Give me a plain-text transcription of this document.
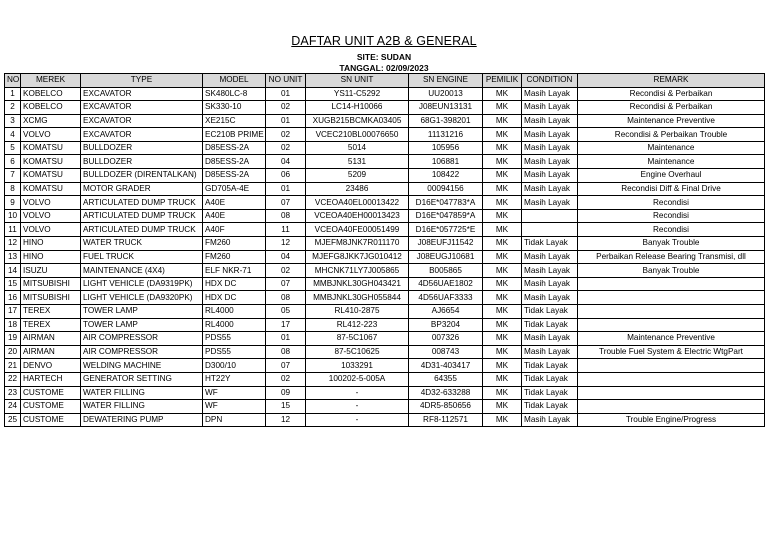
DAFTAR UNIT A2B & GENERAL
SITE: SUDAN
TANGGAL: 02/09/2023
NO	MEREK	TYPE	MODEL	NO UNIT	SN UNIT	SN ENGINE	PEMILIK	CONDITION	REMARK
1	KOBELCO	EXCAVATOR	SK480LC-8	01	YS11-C5292	UU20013	MK	Masih Layak	Recondisi & Perbaikan
2	KOBELCO	EXCAVATOR	SK330-10	02	LC14-H10066	J08EUN13131	MK	Masih Layak	Recondisi & Perbaikan
3	XCMG	EXCAVATOR	XE215C	01	XUGB215BCMKA03405	68G1-398201	MK	Masih Layak	Maintenance Preventive
4	VOLVO	EXCAVATOR	EC210B PRIME	02	VCEC210BL00076650	11131216	MK	Masih Layak	Recondisi & Perbaikan Trouble
5	KOMATSU	BULLDOZER	D85ESS-2A	02	5014	105956	MK	Masih Layak	Maintenance
6	KOMATSU	BULLDOZER	D85ESS-2A	04	5131	106881	MK	Masih Layak	Maintenance
7	KOMATSU	BULLDOZER (DIRENTALKAN)	D85ESS-2A	06	5209	108422	MK	Masih Layak	Engine Overhaul
8	KOMATSU	MOTOR GRADER	GD705A-4E	01	23486	00094156	MK	Masih Layak	Recondisi Diff & Final Drive
9	VOLVO	ARTICULATED DUMP TRUCK	A40E	07	VCEOA40EL00013422	D16E*047783*A	MK	Masih Layak	Recondisi
10	VOLVO	ARTICULATED DUMP TRUCK	A40E	08	VCEOA40EH00013423	D16E*047859*A	MK		Recondisi
11	VOLVO	ARTICULATED DUMP TRUCK	A40F	11	VCEOA40FE00051499	D16E*057725*E	MK		Recondisi
12	HINO	WATER TRUCK	FM260	12	MJEFM8JNK7R011170	J08EUFJ11542	MK	Tidak Layak	Banyak Trouble
13	HINO	FUEL TRUCK	FM260	04	MJEFG8JKK7JG010412	J08EUGJ10681	MK	Masih Layak	Perbaikan Release Bearing Transmisi, dll
14	ISUZU	MAINTENANCE (4X4)	ELF NKR-71	02	MHCNK71LY7J005865	B005865	MK	Masih Layak	Banyak Trouble
15	MITSUBISHI	LIGHT VEHICLE (DA9319PK)	HDX DC	07	MMBJNKL30GH043421	4D56UAE1802	MK	Masih Layak	
16	MITSUBISHI	LIGHT VEHICLE (DA9320PK)	HDX DC	08	MMBJNKL30GH055844	4D56UAF3333	MK	Masih Layak	
17	TEREX	TOWER LAMP	RL4000	05	RL410-2875	AJ6654	MK	Tidak Layak	
18	TEREX	TOWER LAMP	RL4000	17	RL412-223	BP3204	MK	Tidak Layak	
19	AIRMAN	AIR COMPRESSOR	PDS55	01	87-5C1067	007326	MK	Masih Layak	Maintenance Preventive
20	AIRMAN	AIR COMPRESSOR	PDS55	08	87-5C10625	008743	MK	Masih Layak	Trouble Fuel System & Electric WtgPart
21	DENVO	WELDING MACHINE	D300/10	07	1033291	4D31-403417	MK	Tidak Layak	
22	HARTECH	GENERATOR SETTING	HT22Y	02	100202-5-005A	64355	MK	Tidak Layak	
23	CUSTOME	WATER FILLING	WF	09	-	4D32-633288	MK	Tidak Layak	
24	CUSTOME	WATER FILLING	WF	15	-	4DR5-850656	MK	Tidak Layak	
25	CUSTOME	DEWATERING PUMP	DPN	12	-	RF8-112571	MK	Masih Layak	Trouble Engine/Progress
